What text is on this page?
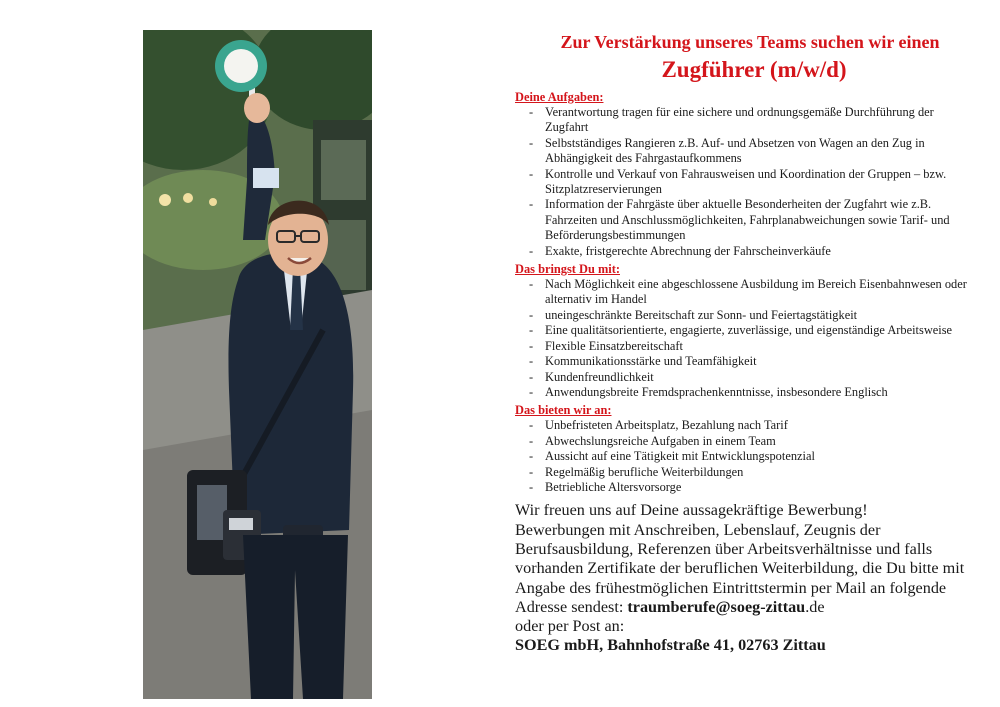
Zur Verstärkung unseres Teams suchen wir einen
Zugführer (m/w/d)

Deine Aufgaben:

- Verantwortung tragen für eine sichere und ordnungsgemäße Durchführung der Zugfahrt
- Selbstständiges Rangieren z.B. Auf- und Absetzen von Wagen an den Zug in Abhängigkeit des Fahrgastaufkommens
- Kontrolle und Verkauf von Fahrausweisen und Koordination der Gruppen – bzw. Sitzplatzreservierungen
- Information der Fahrgäste über aktuelle Besonderheiten der Zugfahrt wie z.B. Fahrzeiten und Anschlussmöglichkeiten, Fahrplanabweichungen sowie Tarif- und Beförderungsbestimmungen
- Exakte, fristgerechte Abrechnung der Fahrscheinverkäufe

Das bringst Du mit:

- Nach Möglichkeit eine abgeschlossene Ausbildung im Bereich Eisenbahnwesen oder alternativ im Handel
- uneingeschränkte Bereitschaft zur Sonn- und Feiertagstätigkeit
- Eine qualitätsorientierte, engagierte, zuverlässige, und eigenständige Arbeitsweise
- Flexible Einsatzbereitschaft
- Kommunikationsstärke und Teamfähigkeit
- Kundenfreundlichkeit
- Anwendungsbreite Fremdsprachenkenntnisse, insbesondere Englisch

Das bieten wir an:

- Unbefristeten Arbeitsplatz, Bezahlung nach Tarif
- Abwechslungsreiche Aufgaben in einem Team
- Aussicht auf eine Tätigkeit mit Entwicklungspotenzial
- Regelmäßig berufliche Weiterbildungen
- Betriebliche Altersvorsorge

Wir freuen uns auf Deine aussagekräftige Bewerbung!

Bewerbungen mit Anschreiben, Lebenslauf, Zeugnis der Berufsausbildung, Referenzen über Arbeitsverhältnisse und falls vorhanden Zertifikate der beruflichen Weiterbildung, die Du bitte mit Angabe des frühestmöglichen Eintrittstermin per Mail an folgende Adresse sendest: traumberufe@soeg-zittau.de

oder per Post an:

SOEG mbH, Bahnhofstraße 41, 02763 Zittau
